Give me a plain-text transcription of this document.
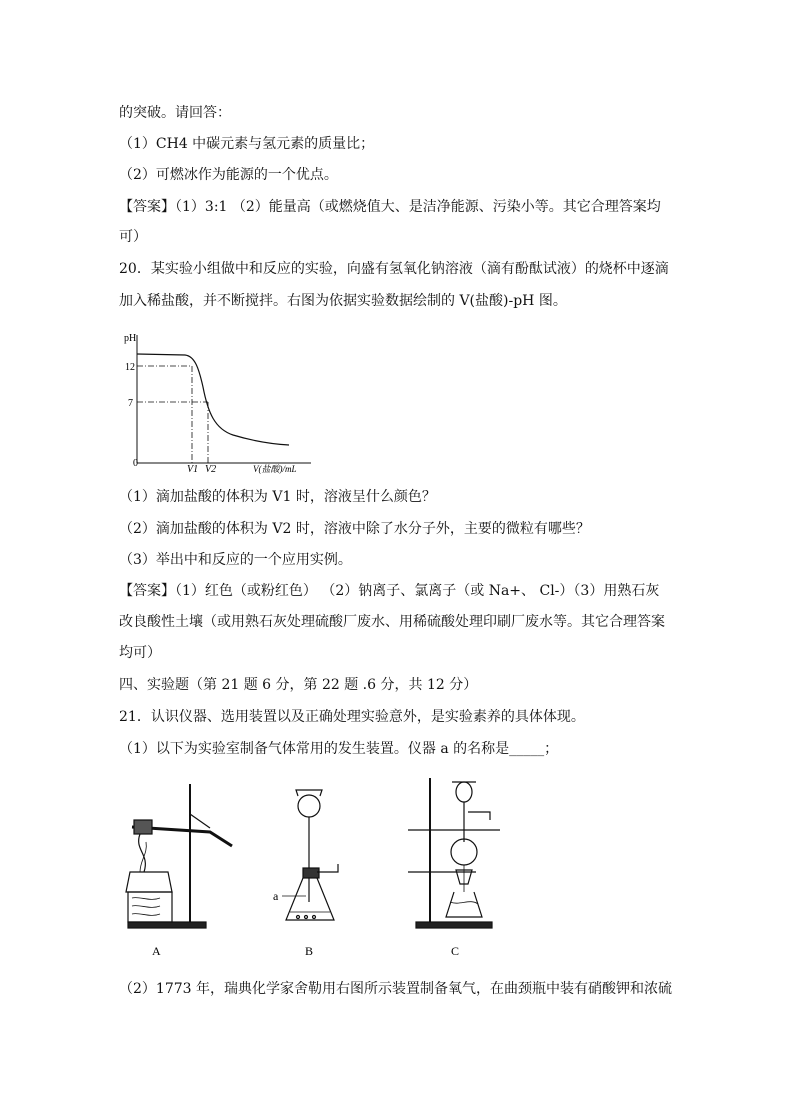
的突破。请回答：
（1）CH4 中碳元素与氢元素的质量比；
（2）可燃冰作为能源的一个优点。
【答案】（1）3:1 （2）能量高（或燃烧值大、是洁净能源、污染小等。其它合理答案均
可）
20．某实验小组做中和反应的实验，向盛有氢氧化钠溶液（滴有酚酞试液）的烧杯中逐滴
加入稀盐酸，并不断搅拌。右图为依据实验数据绘制的 V(盐酸)-pH 图。
pH
12
7
0
V1 V2	V(盐酸)/mL
（1）滴加盐酸的体积为 V1 时，溶液呈什么颜色？
（2）滴加盐酸的体积为 V2 时，溶液中除了水分子外，主要的微粒有哪些？
（3）举出中和反应的一个应用实例。
【答案】（1）红色（或粉红色） （2）钠离子、氯离子（或 Na+、 Cl-）（3）用熟石灰
改良酸性土壤（或用熟石灰处理硫酸厂废水、用稀硫酸处理印刷厂废水等。其它合理答案
均可）
四、实验题（第 21 题 6 分，第 22 题 .6 分，共 12 分）
21．认识仪器、选用装置以及正确处理实验意外，是实验素养的具体体现。
（1）以下为实验室制备气体常用的发生装置。仪器 a 的名称是_____；
A
a
B	C
（2）1773 年，瑞典化学家舍勒用右图所示装置制备氧气，在曲颈瓶中装有硝酸钾和浓硫
